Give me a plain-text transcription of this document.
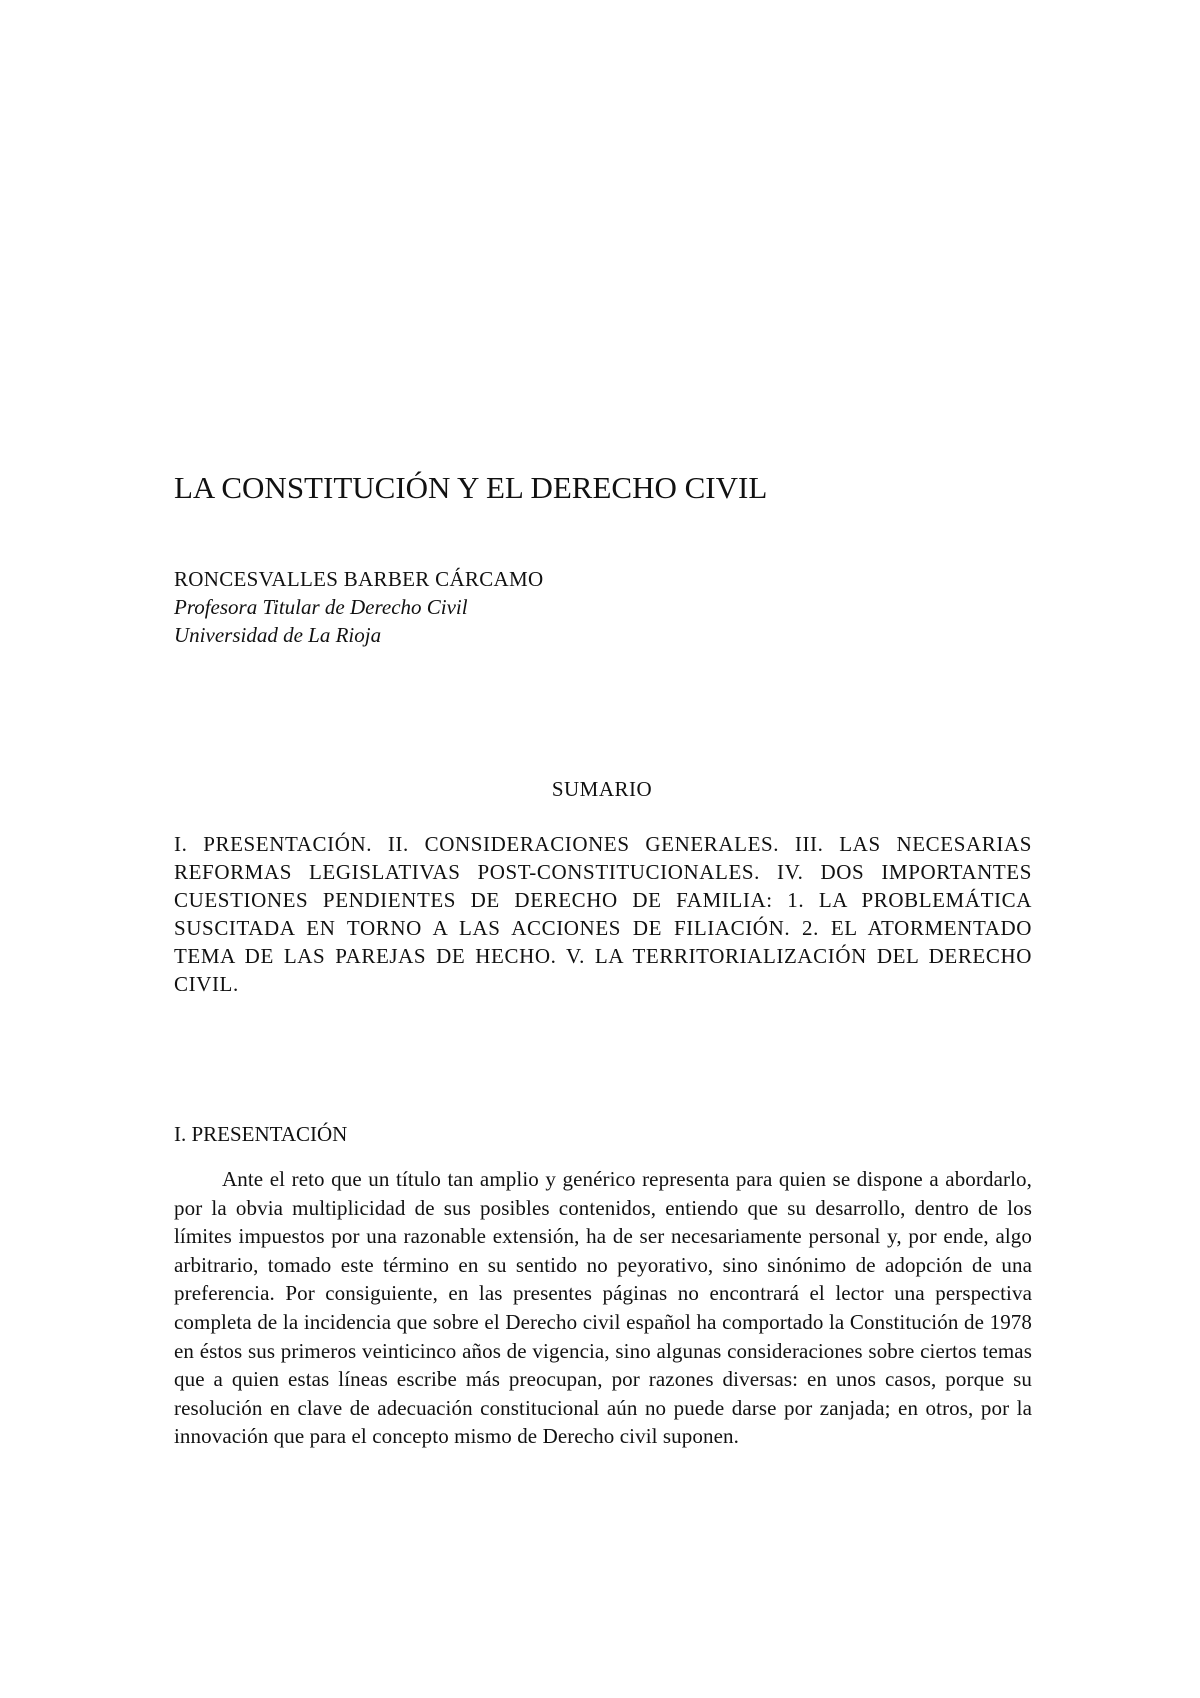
LA CONSTITUCIÓN Y EL DERECHO CIVIL
RONCESVALLES BARBER CÁRCAMO
Profesora Titular de Derecho Civil
Universidad de La Rioja
SUMARIO

I. PRESENTACIÓN. II. CONSIDERACIONES GENERALES. III. LAS NECESARIAS REFORMAS LEGISLATIVAS POST-CONSTITUCIONALES. IV. DOS IMPORTANTES CUESTIONES PENDIENTES DE DERECHO DE FAMILIA: 1. LA PROBLEMÁTICA SUSCITADA EN TORNO A LAS ACCIONES DE FILIACIÓN. 2. EL ATORMENTADO TEMA DE LAS PAREJAS DE HECHO. V. LA TERRITORIALIZACIÓN DEL DERECHO CIVIL.

I. PRESENTACIÓN

Ante el reto que un título tan amplio y genérico representa para quien se dispone a abordarlo, por la obvia multiplicidad de sus posibles contenidos, entiendo que su desarrollo, dentro de los límites impuestos por una razonable extensión, ha de ser necesariamente personal y, por ende, algo arbitrario, tomado este término en su sentido no peyorativo, sino sinónimo de adopción de una preferencia. Por consiguiente, en las presentes páginas no encontrará el lector una perspectiva completa de la incidencia que sobre el Derecho civil español ha comportado la Constitución de 1978 en éstos sus primeros veinticinco años de vigencia, sino algunas consideraciones sobre ciertos temas que a quien estas líneas escribe más preocupan, por razones diversas: en unos casos, porque su resolución en clave de adecuación constitucional aún no puede darse por zanjada; en otros, por la innovación que para el concepto mismo de Derecho civil suponen.
